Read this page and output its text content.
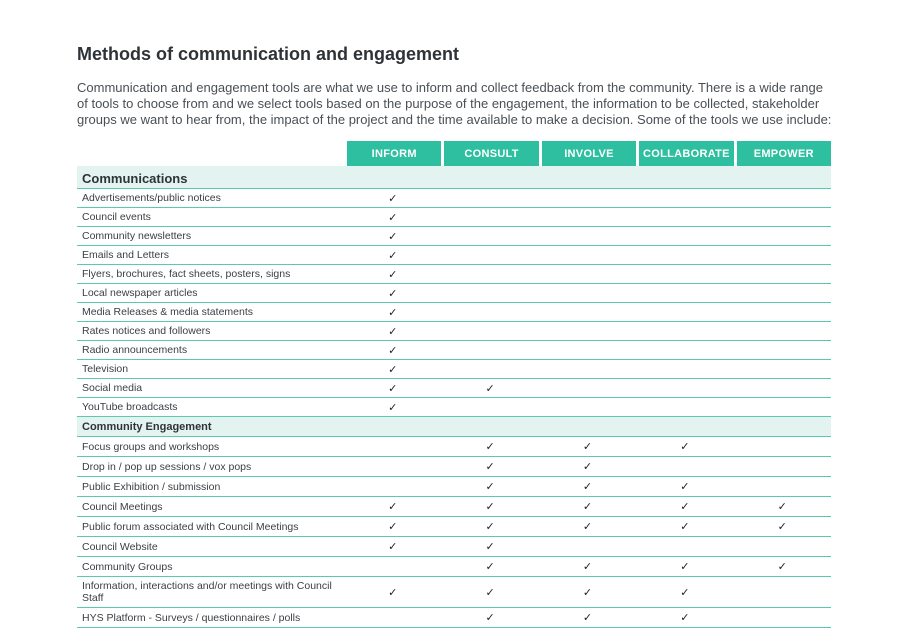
Methods of communication and engagement

Communication and engagement tools are what we use to inform and collect feedback from the community. There is a wide range of tools to choose from and we select tools based on the purpose of the engagement, the information to be collected, stakeholder groups we want to hear from, the impact of the project and the time available to make a decision. Some of the tools we use include:

	INFORM	CONSULT	INVOLVE	COLLABORATE	EMPOWER
Communications					
Advertisements/public notices	✓				
Council events	✓				
Community newsletters	✓				
Emails and Letters	✓				
Flyers, brochures, fact sheets, posters, signs	✓				
Local newspaper articles	✓				
Media Releases & media statements	✓				
Rates notices and followers	✓				
Radio announcements	✓				
Television	✓				
Social media	✓	✓			
YouTube broadcasts	✓				
Community Engagement					
Focus groups and workshops		✓	✓	✓	
Drop in / pop up sessions / vox pops		✓	✓		
Public Exhibition / submission		✓	✓	✓	
Council Meetings	✓	✓	✓	✓	✓
Public forum associated with Council Meetings	✓	✓	✓	✓	✓
Council Website	✓	✓			
Community Groups		✓	✓	✓	✓
Information, interactions and/or meetings with Council Staff	✓	✓	✓	✓	
HYS Platform - Surveys / questionnaires / polls		✓	✓	✓	
